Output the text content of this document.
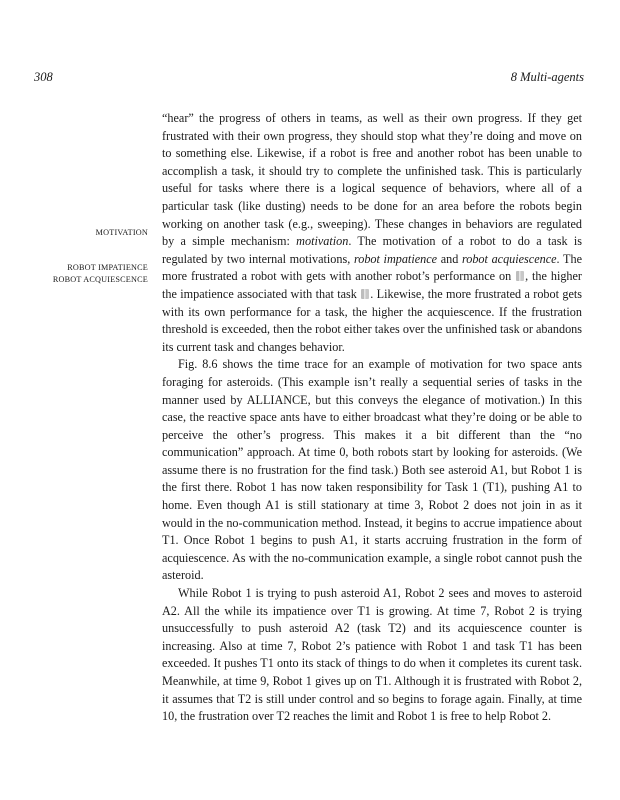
308	8 Multi-agents
MOTIVATION
ROBOT IMPATIENCE
ROBOT ACQUIESCENCE

“hear” the progress of others in teams, as well as their own progress. If they get frustrated with their own progress, they should stop what they’re doing and move on to something else. Likewise, if a robot is free and another robot has been unable to accomplish a task, it should try to complete the unfinished task. This is particularly useful for tasks where there is a logical sequence of behaviors, where all of a particular task (like dusting) needs to be done for an area before the robots begin working on another task (e.g., sweeping). These changes in behaviors are regulated by a simple mechanism: motivation. The motivation of a robot to do a task is regulated by two internal motivations, robot impatience and robot acquiescence. The more frustrated a robot with gets with another robot’s performance on , the higher the impatience associated with that task . Likewise, the more frustrated a robot gets with its own performance for a task, the higher the acquiescence. If the frustration threshold is exceeded, then the robot either takes over the unfinished task or abandons its current task and changes behavior.

Fig. 8.6 shows the time trace for an example of motivation for two space ants foraging for asteroids. (This example isn’t really a sequential series of tasks in the manner used by ALLIANCE, but this conveys the elegance of motivation.) In this case, the reactive space ants have to either broadcast what they’re doing or be able to perceive the other’s progress. This makes it a bit different than the “no communication” approach. At time 0, both robots start by looking for asteroids. (We assume there is no frustration for the find task.) Both see asteroid A1, but Robot 1 is the first there. Robot 1 has now taken responsibility for Task 1 (T1), pushing A1 to home. Even though A1 is still stationary at time 3, Robot 2 does not join in as it would in the no-communication method. Instead, it begins to accrue impatience about T1. Once Robot 1 begins to push A1, it starts accruing frustration in the form of acquiescence. As with the no-communication example, a single robot cannot push the asteroid.

While Robot 1 is trying to push asteroid A1, Robot 2 sees and moves to asteroid A2. All the while its impatience over T1 is growing. At time 7, Robot 2 is trying unsuccessfully to push asteroid A2 (task T2) and its acquiescence counter is increasing. Also at time 7, Robot 2’s patience with Robot 1 and task T1 has been exceeded. It pushes T1 onto its stack of things to do when it completes its curent task. Meanwhile, at time 9, Robot 1 gives up on T1. Although it is frustrated with Robot 2, it assumes that T2 is still under control and so begins to forage again. Finally, at time 10, the frustration over T2 reaches the limit and Robot 1 is free to help Robot 2.
